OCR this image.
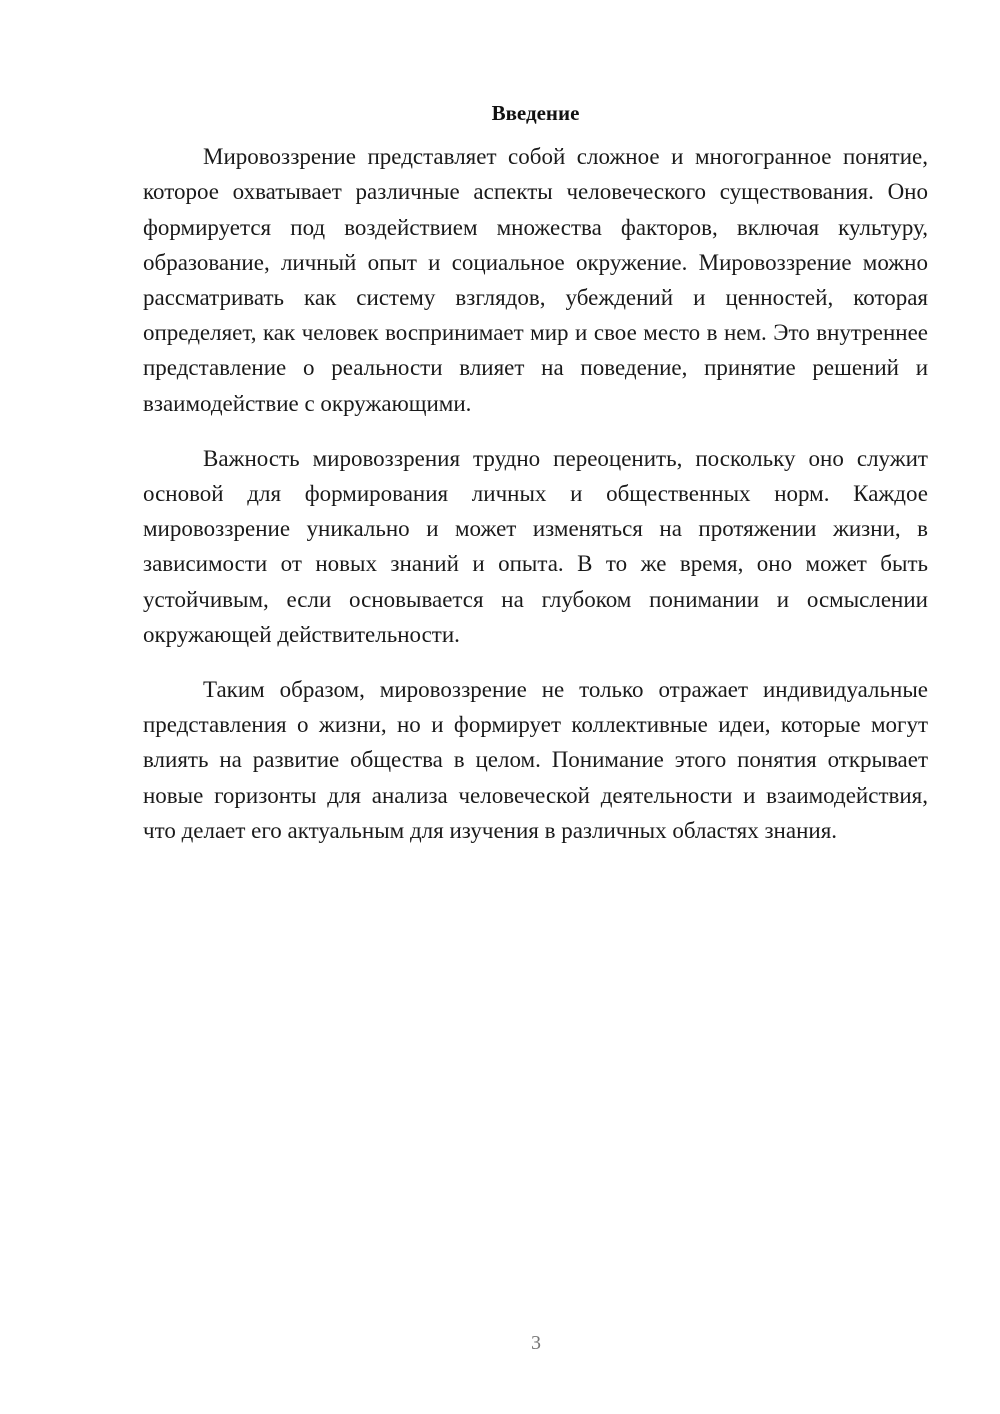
Введение

Мировоззрение представляет собой сложное и многогранное понятие, которое охватывает различные аспекты человеческого существования. Оно формируется под воздействием множества факторов, включая культуру, образование, личный опыт и социальное окружение. Мировоззрение можно рассматривать как систему взглядов, убеждений и ценностей, которая определяет, как человек воспринимает мир и свое место в нем. Это внутреннее представление о реальности влияет на поведение, принятие решений и взаимодействие с окружающими.

Важность мировоззрения трудно переоценить, поскольку оно служит основой для формирования личных и общественных норм. Каждое мировоззрение уникально и может изменяться на протяжении жизни, в зависимости от новых знаний и опыта. В то же время, оно может быть устойчивым, если основывается на глубоком понимании и осмыслении окружающей действительности.

Таким образом, мировоззрение не только отражает индивидуальные представления о жизни, но и формирует коллективные идеи, которые могут влиять на развитие общества в целом. Понимание этого понятия открывает новые горизонты для анализа человеческой деятельности и взаимодействия, что делает его актуальным для изучения в различных областях знания.

3
